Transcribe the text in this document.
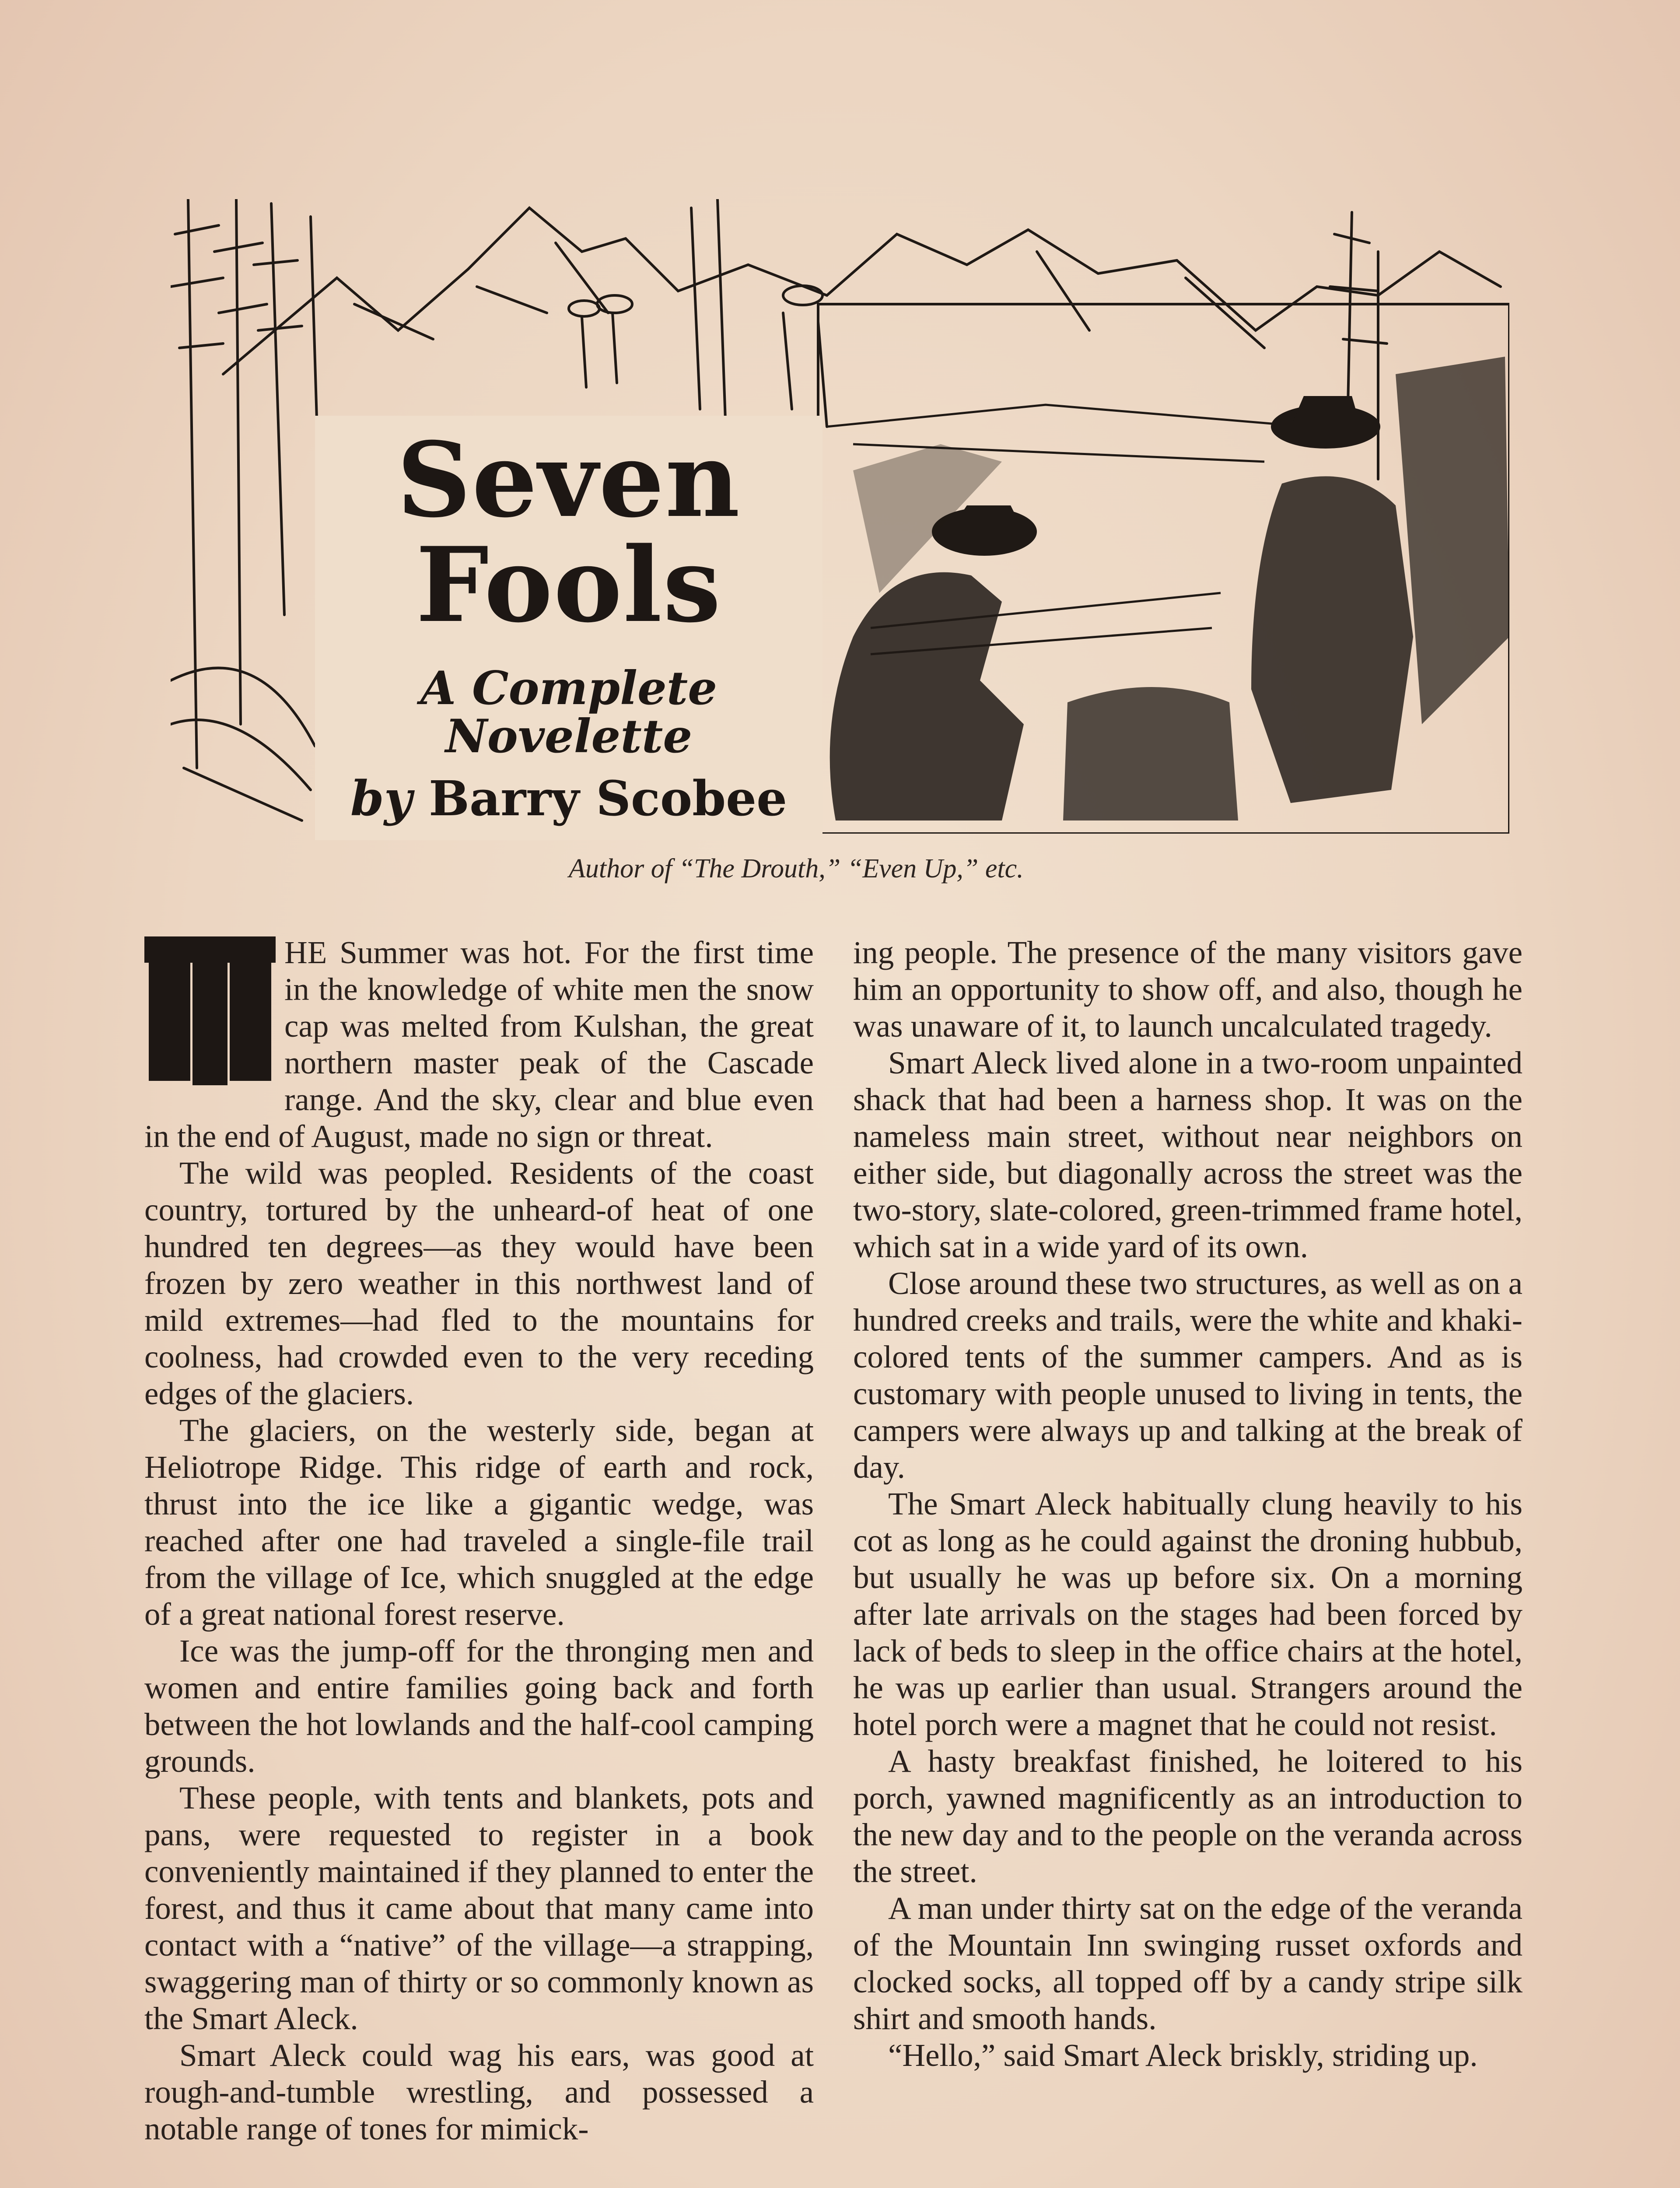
Seven
Fools
A Complete
Novelette
by Barry Scobee
Author of “The Drouth,” “Even Up,” etc.

HE Summer was hot. For the first time in the knowledge of white men the snow cap was melted from Kulshan, the great northern master peak of the Cascade range. And the sky, clear and blue even in the end of August, made no sign or threat.

The wild was peopled. Residents of the coast country, tortured by the unheard-of heat of one hundred ten degrees—as they would have been frozen by zero weather in this northwest land of mild extremes—had fled to the mountains for coolness, had crowded even to the very receding edges of the glaciers.

The glaciers, on the westerly side, began at Heliotrope Ridge. This ridge of earth and rock, thrust into the ice like a gigantic wedge, was reached after one had traveled a single-file trail from the village of Ice, which snuggled at the edge of a great national forest reserve.

Ice was the jump-off for the thronging men and women and entire families going back and forth between the hot lowlands and the half-cool camping grounds.

These people, with tents and blankets, pots and pans, were requested to register in a book conveniently maintained if they planned to enter the forest, and thus it came about that many came into contact with a “native” of the village—a strapping, swaggering man of thirty or so commonly known as the Smart Aleck.

Smart Aleck could wag his ears, was good at rough-and-tumble wrestling, and possessed a notable range of tones for mimick-

ing people. The presence of the many visitors gave him an opportunity to show off, and also, though he was unaware of it, to launch uncalculated tragedy.

Smart Aleck lived alone in a two-room unpainted shack that had been a harness shop. It was on the nameless main street, without near neighbors on either side, but diagonally across the street was the two-story, slate-colored, green-trimmed frame hotel, which sat in a wide yard of its own.

Close around these two structures, as well as on a hundred creeks and trails, were the white and khaki-colored tents of the summer campers. And as is customary with people unused to living in tents, the campers were always up and talking at the break of day.

The Smart Aleck habitually clung heavily to his cot as long as he could against the droning hubbub, but usually he was up before six. On a morning after late arrivals on the stages had been forced by lack of beds to sleep in the office chairs at the hotel, he was up earlier than usual. Strangers around the hotel porch were a magnet that he could not resist.

A hasty breakfast finished, he loitered to his porch, yawned magnificently as an introduction to the new day and to the people on the veranda across the street.

A man under thirty sat on the edge of the veranda of the Mountain Inn swinging russet oxfords and clocked socks, all topped off by a candy stripe silk shirt and smooth hands.

“Hello,” said Smart Aleck briskly, striding up.
